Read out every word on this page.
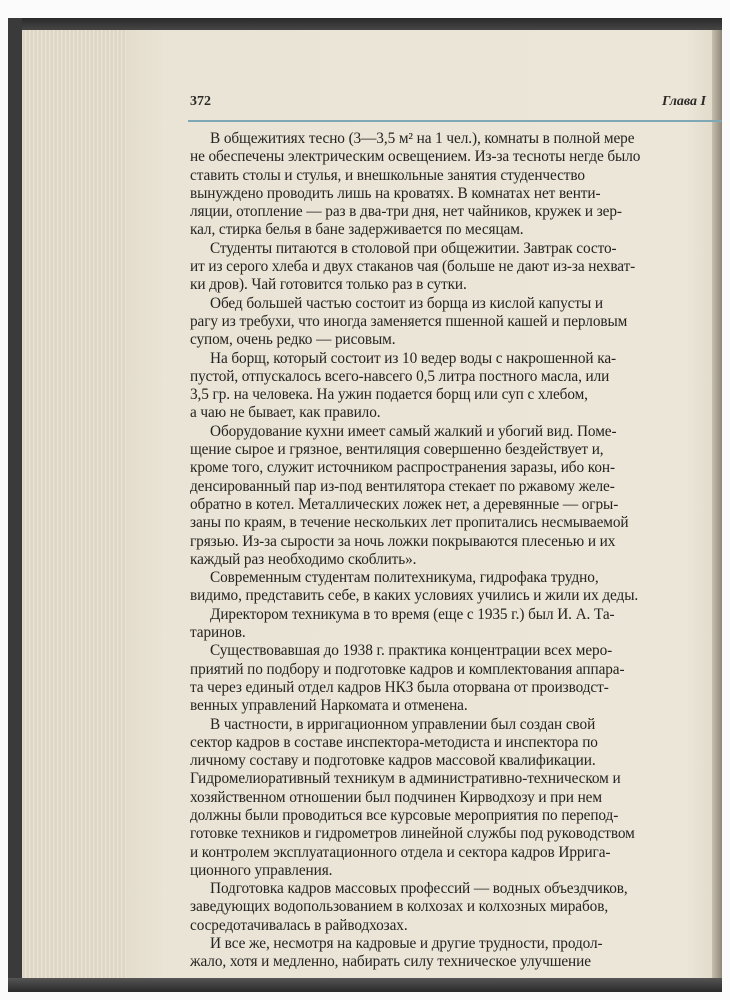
372	Глава I
В общежитиях тесно (3—3,5 м² на 1 чел.), комнаты в полной мере
не обеспечены электрическим освещением. Из-за тесноты негде было
ставить столы и стулья, и внешкольные занятия студенчество
вынуждено проводить лишь на кроватях. В комнатах нет венти-
ляции, отопление — раз в два-три дня, нет чайников, кружек и зер-
кал, стирка белья в бане задерживается по месяцам.
Студенты питаются в столовой при общежитии. Завтрак состо-
ит из серого хлеба и двух стаканов чая (больше не дают из-за нехват-
ки дров). Чай готовится только раз в сутки.
Обед большей частью состоит из борща из кислой капусты и
рагу из требухи, что иногда заменяется пшенной кашей и перловым
супом, очень редко — рисовым.
На борщ, который состоит из 10 ведер воды с накрошенной ка-
пустой, отпускалось всего-навсего 0,5 литра постного масла, или
3,5 гр. на человека. На ужин подается борщ или суп с хлебом,
а чаю не бывает, как правило.
Оборудование кухни имеет самый жалкий и убогий вид. Поме-
щение сырое и грязное, вентиляция совершенно бездействует и,
кроме того, служит источником распространения заразы, ибо кон-
денсированный пар из-под вентилятора стекает по ржавому желе-
обратно в котел. Металлических ложек нет, а деревянные — огры-
заны по краям, в течение нескольких лет пропитались несмываемой
грязью. Из-за сырости за ночь ложки покрываются плесенью и их
каждый раз необходимо скоблить».
Современным студентам политехникума, гидрофака трудно,
видимо, представить себе, в каких условиях учились и жили их деды.
Директором техникума в то время (еще с 1935 г.) был И. А. Та-
таринов.
Существовавшая до 1938 г. практика концентрации всех меро-
приятий по подбору и подготовке кадров и комплектования аппара-
та через единый отдел кадров НКЗ была оторвана от производст-
венных управлений Наркомата и отменена.
В частности, в ирригационном управлении был создан свой
сектор кадров в составе инспектора-методиста и инспектора по
личному составу и подготовке кадров массовой квалификации.
Гидромелиоративный техникум в административно-техническом и
хозяйственном отношении был подчинен Кирводхозу и при нем
должны были проводиться все курсовые мероприятия по перепод-
готовке техников и гидрометров линейной службы под руководством
и контролем эксплуатационного отдела и сектора кадров Ирригa-
ционного управления.
Подготовка кадров массовых профессий — водных объездчиков,
заведующих водопользованием в колхозах и колхозных мирабов,
сосредотачивалась в райводхозах.
И все же, несмотря на кадровые и другие трудности, продол-
жало, хотя и медленно, набирать силу техническое улучшение
